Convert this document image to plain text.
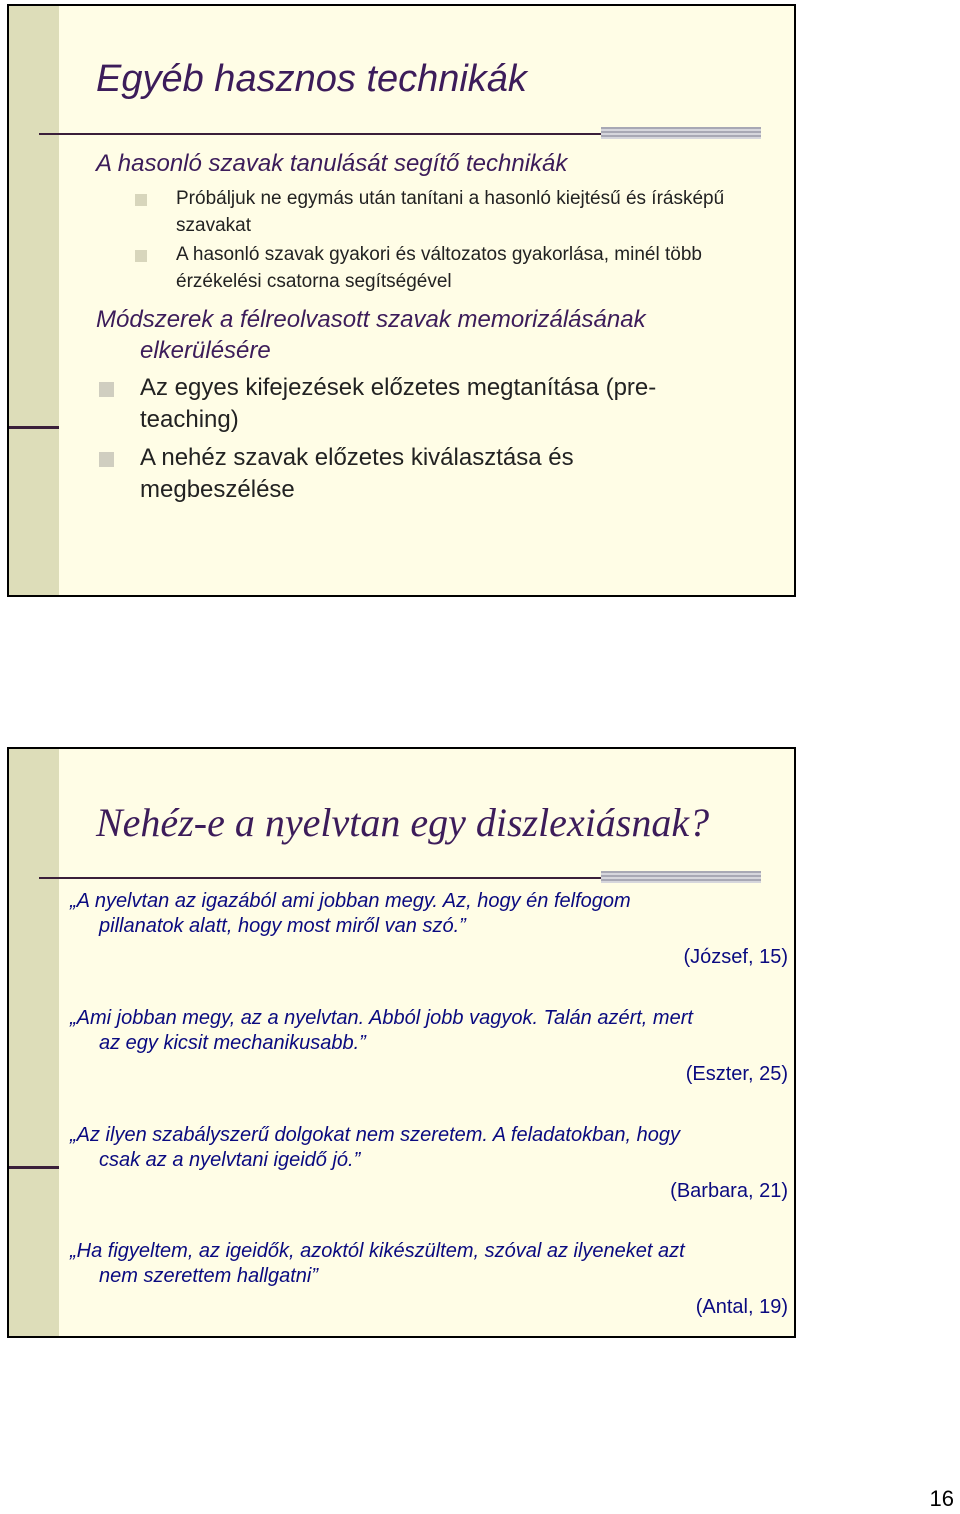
Egyéb hasznos technikák

A hasonló szavak tanulását segítő technikák

Próbáljuk ne egymás után tanítani a hasonló kiejtésű és írásképű szavakat

A hasonló szavak gyakori és változatos gyakorlása, minél több érzékelési csatorna segítségével

Módszerek a félreolvasott szavak memorizálásának
elkerülésére

Az egyes kifejezések előzetes megtanítása (pre-teaching)

A nehéz szavak előzetes kiválasztása és megbeszélése

Nehéz-e a nyelvtan egy diszlexiásnak?

„A nyelvtan az igazából ami jobban megy. Az, hogy én felfogom
pillanatok alatt, hogy most miről van szó.”

(József, 15)

„Ami jobban megy, az a nyelvtan. Abból jobb vagyok. Talán azért, mert
az egy kicsit mechanikusabb.”

(Eszter, 25)

„Az ilyen szabályszerű dolgokat nem szeretem. A feladatokban, hogy
csak az a nyelvtani igeidő jó.”

(Barbara, 21)

„Ha figyeltem, az igeidők, azoktól kikészültem, szóval az ilyeneket azt
nem szerettem hallgatni”

(Antal, 19)

16
